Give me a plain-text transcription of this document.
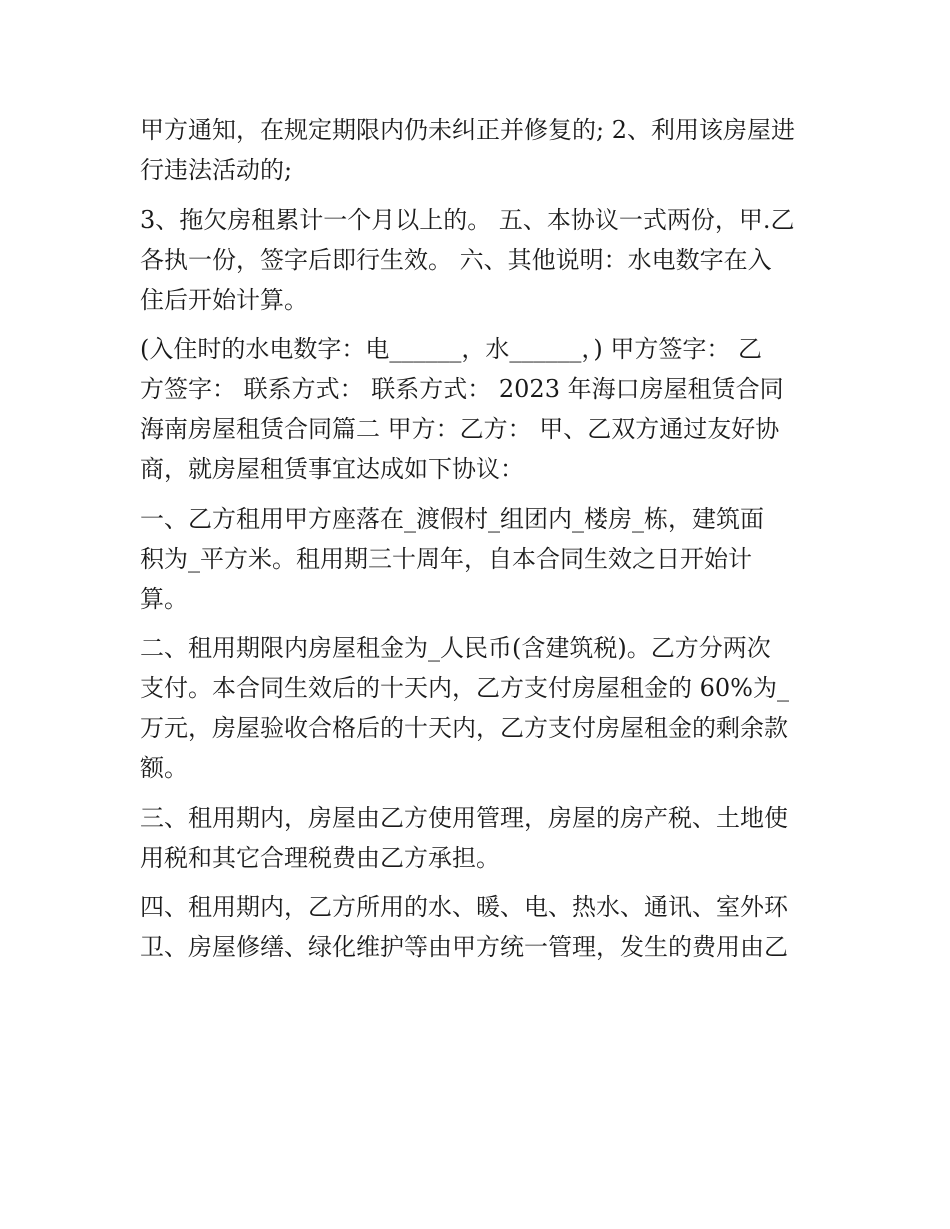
甲方通知，在规定期限内仍未纠正并修复的; 2、利用该房屋进
行违法活动的;

3、拖欠房租累计一个月以上的。 五、本协议一式两份，甲.乙
各执一份，签字后即行生效。 六、其他说明：水电数字在入
住后开始计算。

(入住时的水电数字：电______，水______，) 甲方签字： 乙
方签字： 联系方式： 联系方式： 2023 年海口房屋租赁合同
海南房屋租赁合同篇二 甲方：乙方： 甲、乙双方通过友好协
商，就房屋租赁事宜达成如下协议：

一、乙方租用甲方座落在_渡假村_组团内_楼房_栋，建筑面
积为_平方米。租用期三十周年，自本合同生效之日开始计
算。

二、租用期限内房屋租金为_人民币(含建筑税)。乙方分两次
支付。本合同生效后的十天内，乙方支付房屋租金的 60%为_
万元，房屋验收合格后的十天内，乙方支付房屋租金的剩余款
额。

三、租用期内，房屋由乙方使用管理，房屋的房产税、土地使
用税和其它合理税费由乙方承担。

四、租用期内，乙方所用的水、暖、电、热水、通讯、室外环
卫、房屋修缮、绿化维护等由甲方统一管理，发生的费用由乙
